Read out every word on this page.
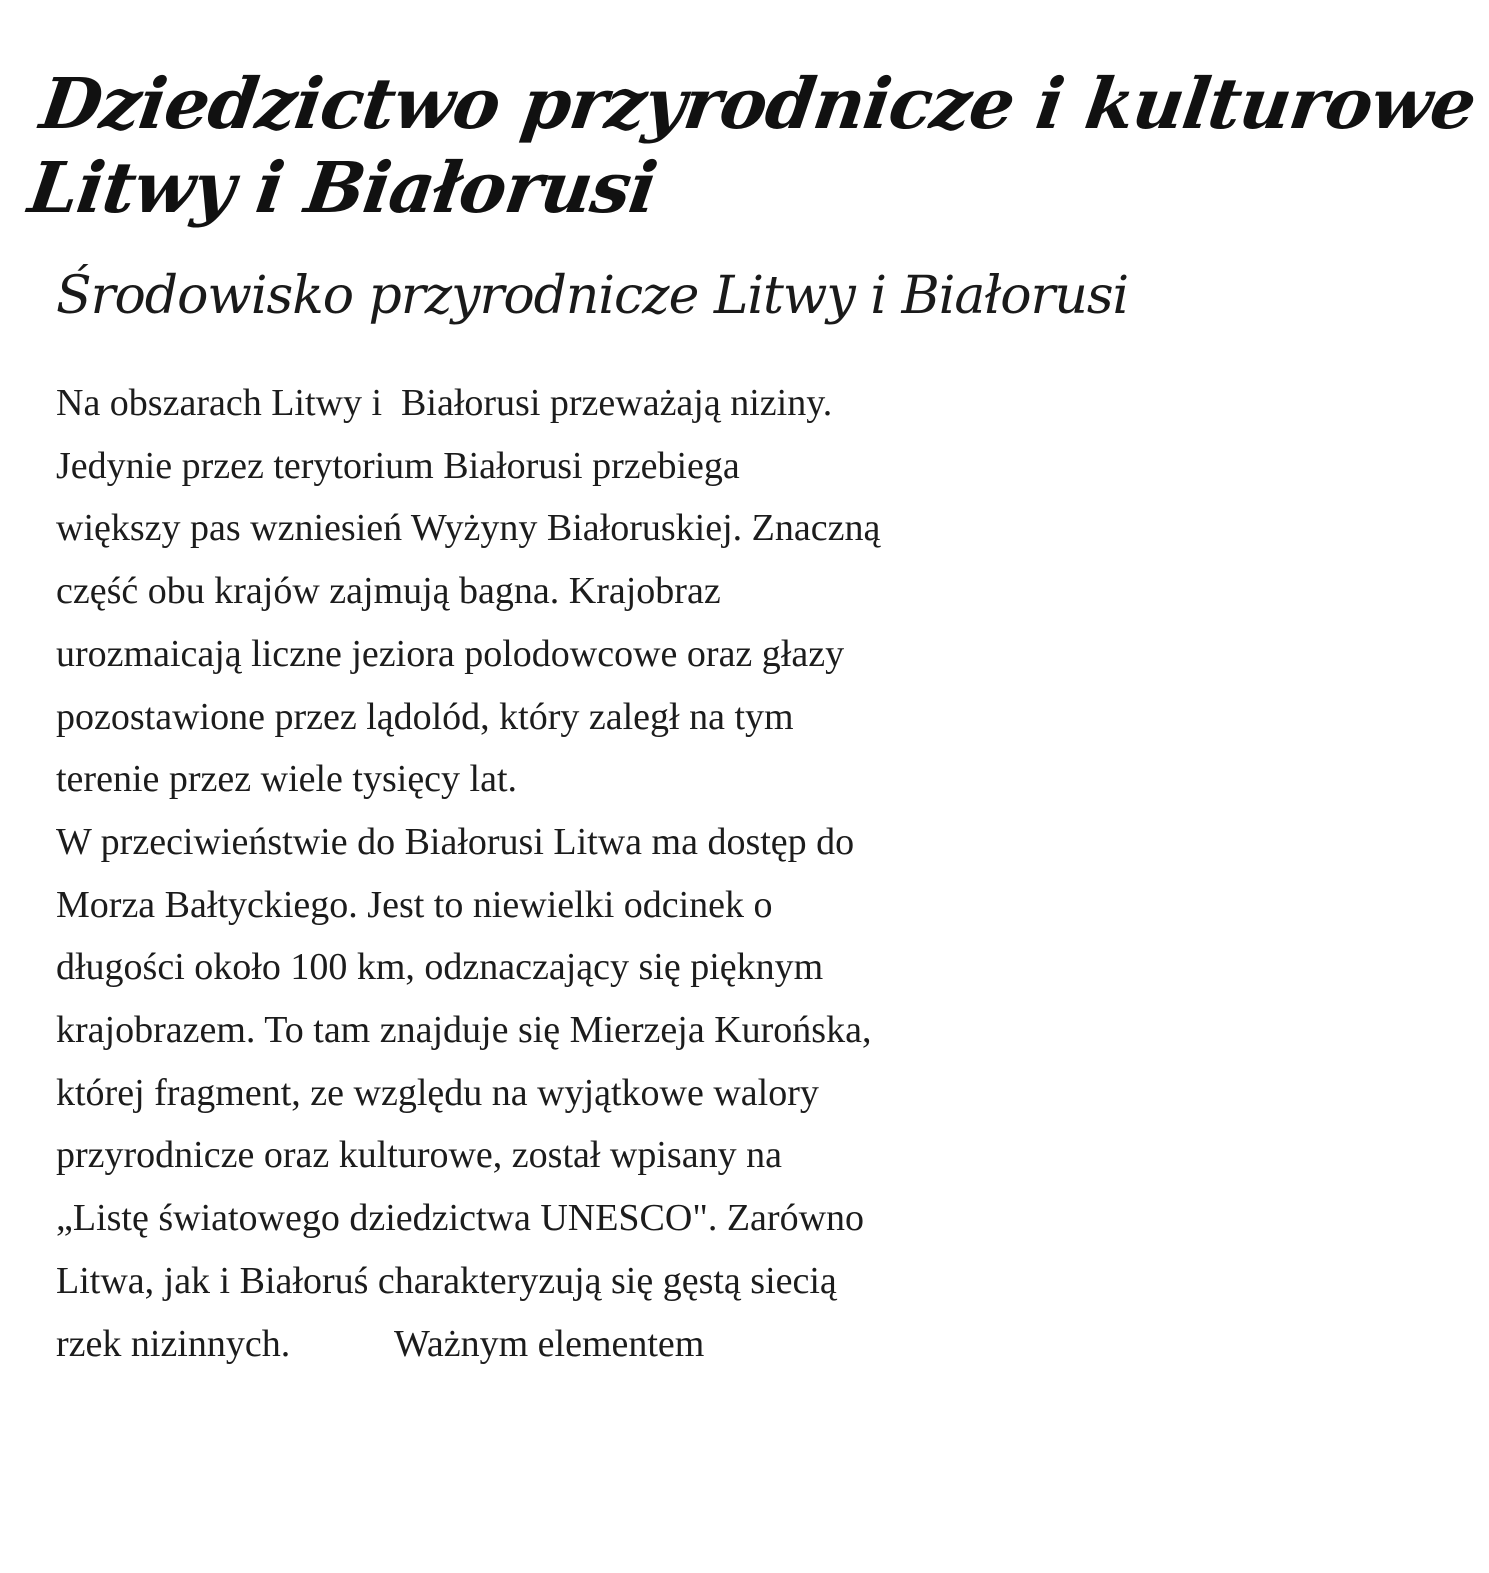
Dziedzictwo przyrodnicze i kulturowe
Litwy i Białorusi
Środowisko przyrodnicze Litwy i Białorusi

Na obszarach Litwy i  Białorusi przeważają niziny.
Jedynie przez terytorium Białorusi przebiega
większy pas wzniesień Wyżyny Białoruskiej. Znaczną
część obu krajów zajmują bagna. Krajobraz
urozmaicają liczne jeziora polodowcowe oraz głazy
pozostawione przez lądolód, który zaległ na tym
terenie przez wiele tysięcy lat.
W przeciwieństwie do Białorusi Litwa ma dostęp do
Morza Bałtyckiego. Jest to niewielki odcinek o
długości około 100 km, odznaczający się pięknym
krajobrazem. To tam znajduje się Mierzeja Kurońska,
której fragment, ze względu na wyjątkowe walory
przyrodnicze oraz kulturowe, został wpisany na
„Listę światowego dziedzictwa UNESCO". Zarówno
Litwa, jak i Białoruś charakteryzują się gęstą siecią
rzek nizinnych.           Ważnym elementem
